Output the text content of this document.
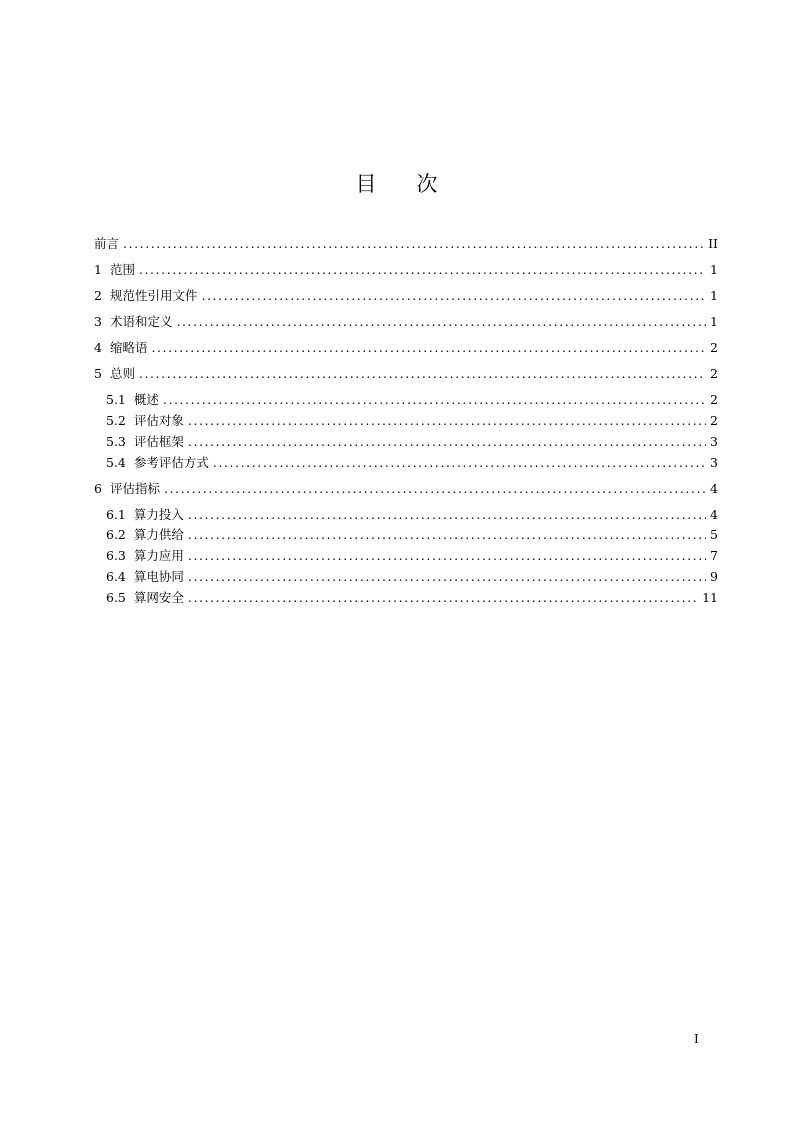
目 次
前言 . . .	II
1 范围 . . .	1
2 规范性引用文件 . . .	1
3 术语和定义 . . .	1
4 缩略语 . . .	2
5 总则 . . .	2
5.1 概述 . . .	2
5.2 评估对象 . . .	2
5.3 评估框架 . . .	3
5.4 参考评估方式 . . .	3
6 评估指标 . . .	4
6.1 算力投入 . . .	4
6.2 算力供给 . . .	5
6.3 算力应用 . . .	7
6.4 算电协同 . . .	9
6.5 算网安全 . . .	11
I
